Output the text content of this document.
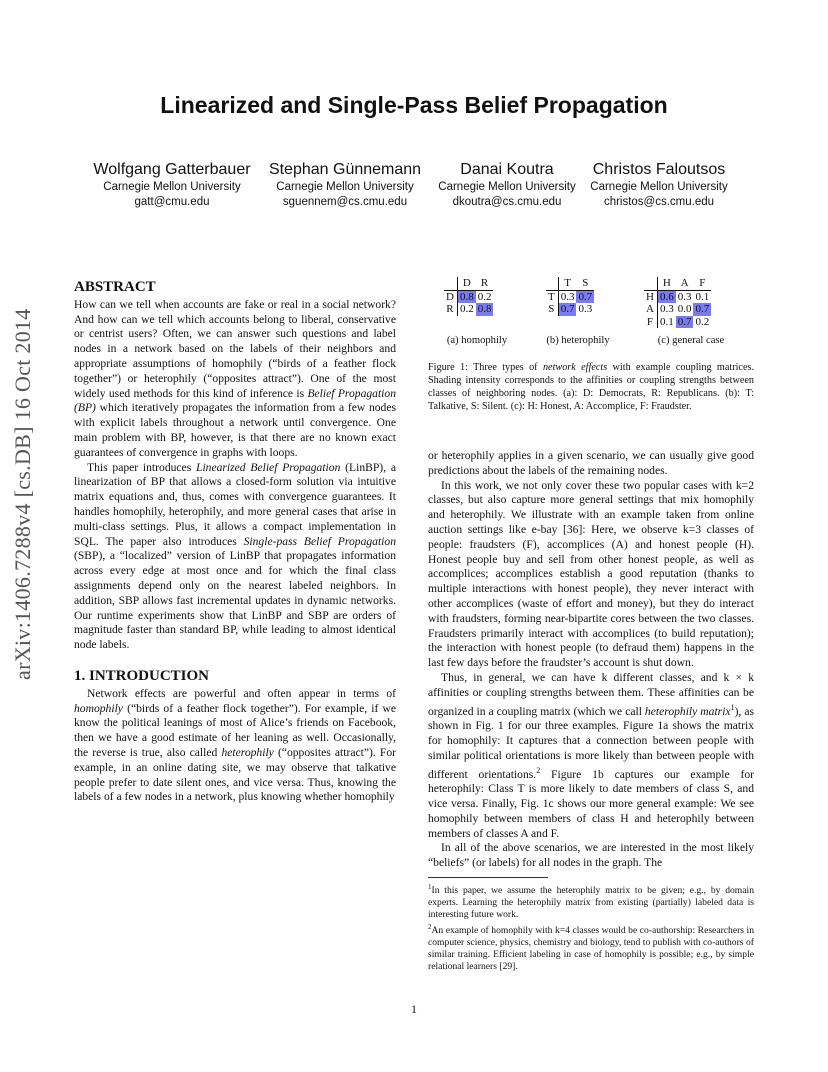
Linearized and Single-Pass Belief Propagation
Wolfgang Gatterbauer
Carnegie Mellon University
gatt@cmu.edu
Stephan Günnemann
Carnegie Mellon University
sguennem@cs.cmu.edu
Danai Koutra
Carnegie Mellon University
dkoutra@cs.cmu.edu
Christos Faloutsos
Carnegie Mellon University
christos@cs.cmu.edu
arXiv:1406.7288v4 [cs.DB] 16 Oct 2014
ABSTRACT

How can we tell when accounts are fake or real in a social network? And how can we tell which accounts belong to liberal, conservative or centrist users? Often, we can answer such questions and label nodes in a network based on the labels of their neighbors and appropriate assumptions of homophily (“birds of a feather flock together”) or heterophily (“opposites attract”). One of the most widely used methods for this kind of inference is Belief Propagation (BP) which iteratively propagates the information from a few nodes with explicit labels throughout a network until convergence. One main problem with BP, however, is that there are no known exact guarantees of convergence in graphs with loops.

This paper introduces Linearized Belief Propagation (LinBP), a linearization of BP that allows a closed-form solution via intuitive matrix equations and, thus, comes with convergence guarantees. It handles homophily, heterophily, and more general cases that arise in multi-class settings. Plus, it allows a compact implementation in SQL. The paper also introduces Single-pass Belief Propagation (SBP), a “localized” version of LinBP that propagates information across every edge at most once and for which the final class assignments depend only on the nearest labeled neighbors. In addition, SBP allows fast incremental updates in dynamic networks. Our runtime experiments show that LinBP and SBP are orders of magnitude faster than standard BP, while leading to almost identical node labels.

1. INTRODUCTION

Network effects are powerful and often appear in terms of homophily (“birds of a feather flock together”). For example, if we know the political leanings of most of Alice’s friends on Facebook, then we have a good estimate of her leaning as well. Occasionally, the reverse is true, also called heterophily (“opposites attract”). For example, in an online dating site, we may observe that talkative people prefer to date silent ones, and vice versa. Thus, knowing the labels of a few nodes in a network, plus knowing whether homophily

	D	R
D	0.8	0.2
R	0.2	0.8
	T	S
T	0.3	0.7
S	0.7	0.3
	H	A	F
H	0.6	0.3	0.1
A	0.3	0.0	0.7
F	0.1	0.7	0.2
(a) homophily	(b) heterophily	(c) general case
Figure 1: Three types of network effects with example coupling matrices. Shading intensity corresponds to the affinities or coupling strengths between classes of neighboring nodes. (a): D: Democrats, R: Republicans. (b): T: Talkative, S: Silent. (c): H: Honest, A: Accomplice, F: Fraudster.

or heterophily applies in a given scenario, we can usually give good predictions about the labels of the remaining nodes.

In this work, we not only cover these two popular cases with k=2 classes, but also capture more general settings that mix homophily and heterophily. We illustrate with an example taken from online auction settings like e-bay [36]: Here, we observe k=3 classes of people: fraudsters (F), accomplices (A) and honest people (H). Honest people buy and sell from other honest people, as well as accomplices; accomplices establish a good reputation (thanks to multiple interactions with honest people), they never interact with other accomplices (waste of effort and money), but they do interact with fraudsters, forming near-bipartite cores between the two classes. Fraudsters primarily interact with accomplices (to build reputation); the interaction with honest people (to defraud them) happens in the last few days before the fraudster’s account is shut down.

Thus, in general, we can have k different classes, and k × k affinities or coupling strengths between them. These affinities can be organized in a coupling matrix (which we call heterophily matrix$^1$), as shown in Fig. 1 for our three examples. Figure 1a shows the matrix for homophily: It captures that a connection between people with similar political orientations is more likely than between people with different orientations.$^2$ Figure 1b captures our example for heterophily: Class T is more likely to date members of class S, and vice versa. Finally, Fig. 1c shows our more general example: We see homophily between members of class H and heterophily between members of classes A and F.

In all of the above scenarios, we are interested in the most likely “beliefs” (or labels) for all nodes in the graph. The

$^1$In this paper, we assume the heterophily matrix to be given; e.g., by domain experts. Learning the heterophily matrix from existing (partially) labeled data is interesting future work.
$^2$An example of homophily with k=4 classes would be co-authorship: Researchers in computer science, physics, chemistry and biology, tend to publish with co-authors of similar training. Efficient labeling in case of homophily is possible; e.g., by simple relational learners [29].
1
